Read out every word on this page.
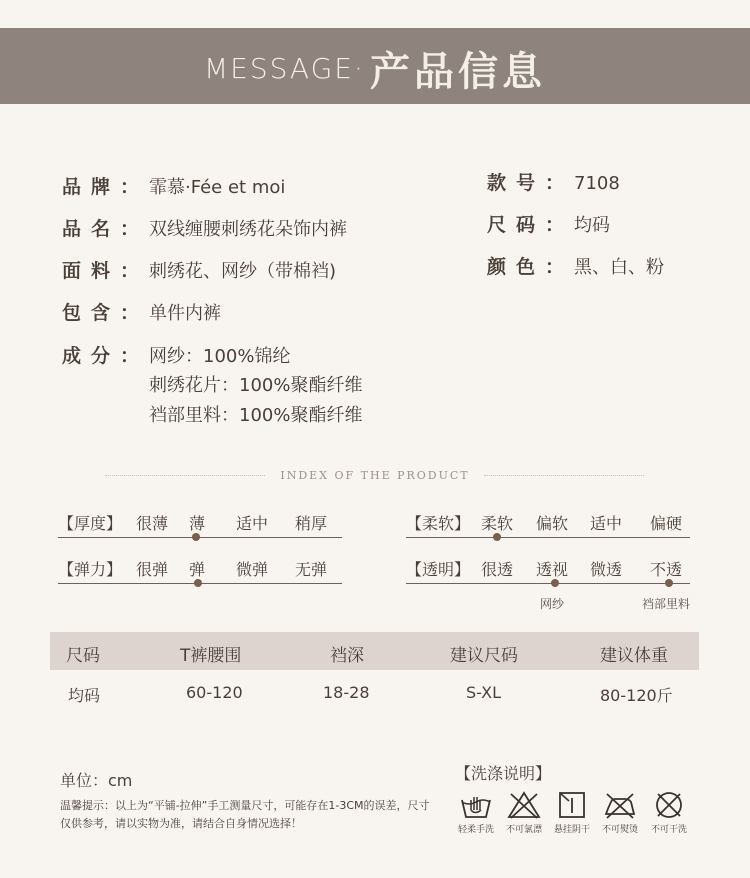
MESSAGE· 产品信息
品牌： 霏慕·Fée et moi
品名： 双线缠腰刺绣花朵饰内裤
面料： 刺绣花、网纱（带棉裆)
包含： 单件内裤
成分： 网纱：100%锦纶
刺绣花片：100%聚酯纤维
裆部里料：100%聚酯纤维
款号： 7108
尺码： 均码
颜色： 黑、白、粉
INDEX OF THE PRODUCT
【厚度】 很薄 薄 适中 稍厚	【柔软】 柔软 偏软 适中 偏硬
【弹力】 很弹 弹 微弹 无弹	【透明】 很透 透视 微透 不透
网纱	裆部里料
尺码	T裤腰围	裆深	建议尺码	建议体重
均码	60-120	18-28	S-XL	80-120斤
单位：cm
温馨提示：以上为“平铺-拉伸”手工测量尺寸，可能存在1-3CM的误差，尺寸仅供参考，请以实物为准，请结合自身情况选择！
【洗涤说明】
轻柔手洗	不可氯漂	悬挂阴干	不可熨烫	不可干洗
